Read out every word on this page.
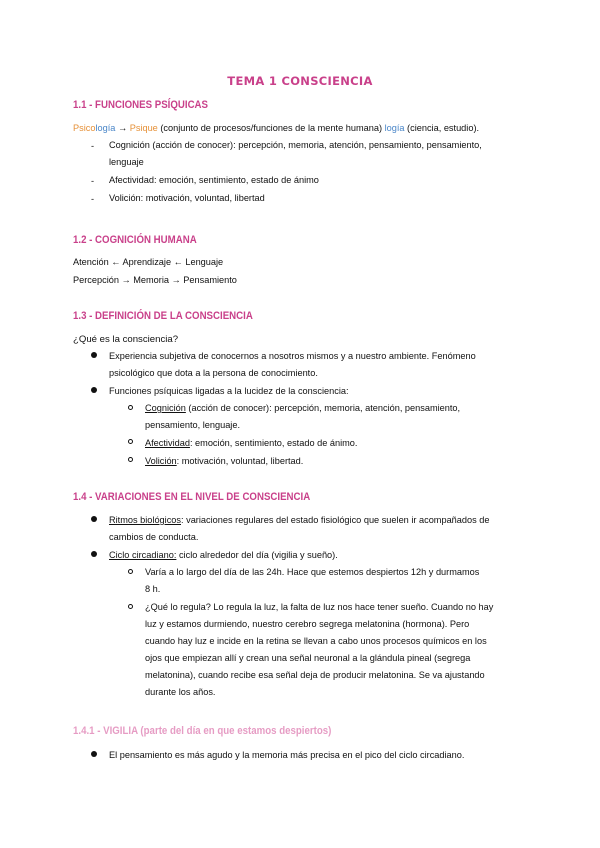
TEMA 1 CONSCIENCIA
1.1 - FUNCIONES PSÍQUICAS
Psicología → Psique (conjunto de procesos/funciones de la mente humana) logía (ciencia, estudio).
- Cognición (acción de conocer): percepción, memoria, atención, pensamiento, pensamiento,
lenguaje
- Afectividad: emoción, sentimiento, estado de ánimo
- Volición: motivación, voluntad, libertad
1.2 - COGNICIÓN HUMANA
Atención ← Aprendizaje ← Lenguaje
Percepción → Memoria → Pensamiento
1.3 - DEFINICIÓN DE LA CONSCIENCIA
¿Qué es la consciencia?
Experiencia subjetiva de conocernos a nosotros mismos y a nuestro ambiente. Fenómeno
psicológico que dota a la persona de conocimiento.
Funciones psíquicas ligadas a la lucidez de la consciencia:
Cognición (acción de conocer): percepción, memoria, atención, pensamiento,
pensamiento, lenguaje.
Afectividad: emoción, sentimiento, estado de ánimo.
Volición: motivación, voluntad, libertad.
1.4 - VARIACIONES EN EL NIVEL DE CONSCIENCIA
Ritmos biológicos: variaciones regulares del estado fisiológico que suelen ir acompañados de
cambios de conducta.
Ciclo circadiano: ciclo alrededor del día (vigilia y sueño).
Varía a lo largo del día de las 24h. Hace que estemos despiertos 12h y durmamos
8 h.
¿Qué lo regula? Lo regula la luz, la falta de luz nos hace tener sueño. Cuando no hay
luz y estamos durmiendo, nuestro cerebro segrega melatonina (hormona). Pero
cuando hay luz e incide en la retina se llevan a cabo unos procesos químicos en los
ojos que empiezan allí y crean una señal neuronal a la glándula pineal (segrega
melatonina), cuando recibe esa señal deja de producir melatonina. Se va ajustando
durante los años.
1.4.1 - VIGILIA (parte del día en que estamos despiertos)
El pensamiento es más agudo y la memoria más precisa en el pico del ciclo circadiano.
